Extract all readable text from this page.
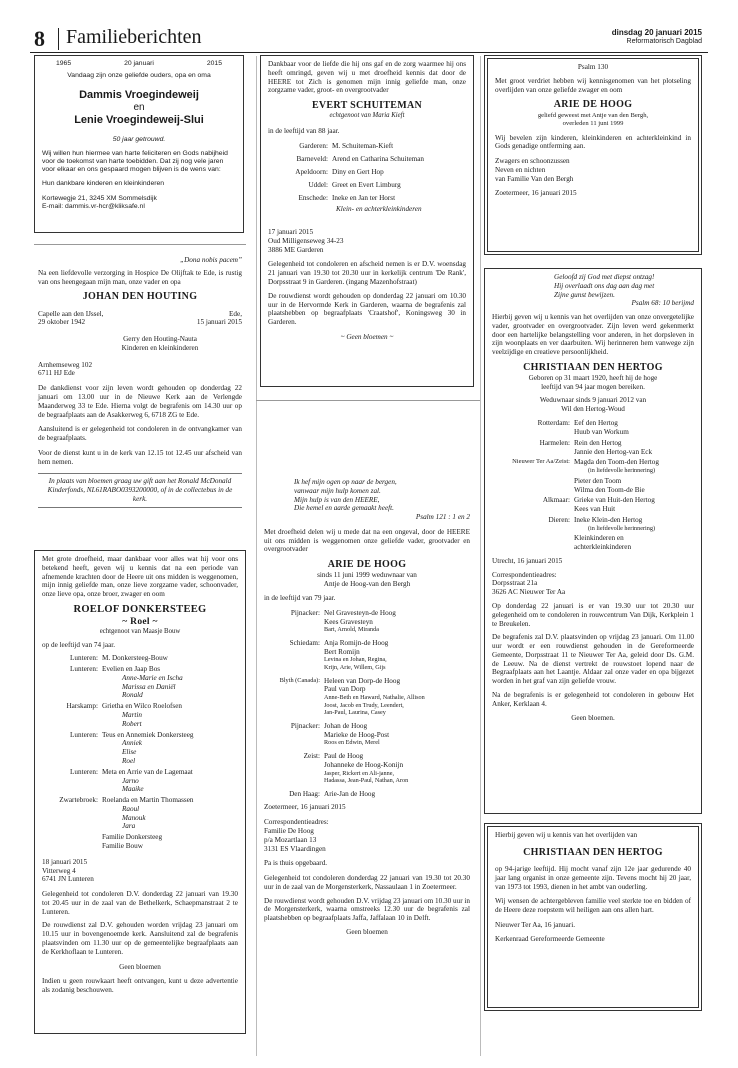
8 Familieberichten	dinsdag 20 januari 2015
Reformatorisch Dagblad
1965	20 januari	2015
Vandaag zijn onze geliefde ouders, opa en oma
Dammis Vroegindeweij
en
Lenie Vroegindeweij-Slui
50 jaar getrouwd.
Wij willen hun hiermee van harte feliciteren en Gods nabijheid voor de toekomst van harte toebidden. Dat zij nog vele jaren voor elkaar en ons gespaard mogen blijven is de wens van:
Hun dankbare kinderen en kleinkinderen
Kortewegje 21, 3245 XM Sommelsdijk
E-mail: dammis.vr-hcr@kliksafe.nl
„Dona nobis pacem”
Na een liefdevolle verzorging in Hospice De Olijftak te Ede, is rustig van ons heengegaan mijn man, onze vader en opa
JOHAN DEN HOUTING
Capelle aan den IJssel,
29 oktober 1942
Ede,
15 januari 2015
Gerry den Houting-Nauta
Kinderen en kleinkinderen
Arnhemseweg 102
6711 HJ Ede
De dankdienst voor zijn leven wordt gehouden op donderdag 22 januari om 13.00 uur in de Nieuwe Kerk aan de Verlengde Maanderweg 33 te Ede. Hierna volgt de begrafenis om 14.30 uur op de begraafplaats aan de Asakkerweg 6, 6718 ZG te Ede.
Aansluitend is er gelegenheid tot condoleren in de ontvangkamer van de begraafplaats.
Voor de dienst kunt u in de kerk van 12.15 tot 12.45 uur afscheid van hem nemen.
In plaats van bloemen graag uw gift aan het Ronald McDonald Kinderfonds, NL61RABO0393200000, of in de collectebus in de kerk.
Met grote droefheid, maar dankbaar voor alles wat hij voor ons betekend heeft, geven wij u kennis dat na een periode van afnemende krachten door de Heere uit ons midden is weggenomen, mijn innig geliefde man, onze lieve zorgzame vader, schoonvader, onze lieve opa, onze broer, zwager en oom
ROELOF DONKERSTEEG
~ Roel ~
echtgenoot van Maasje Bouw
op de leeftijd van 74 jaar.
Lunteren: M. Donkersteeg-Bouw
Lunteren: Evelien en Jaap Bos
Anne-Marie en Ischa
Marissa en Daniël
Ronald
Harskamp: Grietha en Wilco Roelofsen
Martin
Robert
Lunteren: Teus en Annemiek Donkersteeg
Anniek
Elise
Roel
Lunteren: Meta en Arrie van de Lagemaat
Jarno
Maaike
Zwartebroek: Roelanda en Martin Thomassen
Raoul
Manouk
Jara
Familie Donkersteeg
Familie Bouw
18 januari 2015
Vitterweg 4
6741 JN Lunteren
Gelegenheid tot condoleren D.V. donderdag 22 januari van 19.30 tot 20.45 uur in de zaal van de Bethelkerk, Schaepmanstraat 2 te Lunteren.
De rouwdienst zal D.V. gehouden worden vrijdag 23 januari om 10.15 uur in bovengenoemde kerk. Aansluitend zal de begrafenis plaatsvinden om 11.30 uur op de gemeentelijke begraafplaats aan de Kerkhoflaan te Lunteren.
Geen bloemen
Indien u geen rouwkaart heeft ontvangen, kunt u deze advertentie als zodanig beschouwen.
Dankbaar voor de liefde die hij ons gaf en de zorg waarmee hij ons heeft omringd, geven wij u met droefheid kennis dat door de HEERE tot Zich is genomen mijn innig geliefde man, onze zorgzame vader, groot- en overgrootvader
EVERT SCHUITEMAN
echtgenoot van Maria Kieft
in de leeftijd van 88 jaar.
Garderen: M. Schuiteman-Kieft
Barneveld: Arend en Catharina Schuiteman
Apeldoorn: Diny en Gert Hop
Uddel: Greet en Evert Limburg
Enschede: Ineke en Jan ter Horst
Klein- en achterkleinkinderen
17 januari 2015
Oud Milligenseweg 34-23
3886 ME Garderen
Gelegenheid tot condoleren en afscheid nemen is er D.V. woensdag 21 januari van 19.30 tot 20.30 uur in kerkelijk centrum 'De Rank', Dorpsstraat 9 in Garderen. (ingang Mazenhofstraat)
De rouwdienst wordt gehouden op donderdag 22 januari om 10.30 uur in de Hervormde Kerk in Garderen, waarna de begrafenis zal plaatshebben op begraafplaats 'Craatshof', Koningsweg 30 in Garderen.
~ Geen bloemen ~
Ik hef mijn ogen op naar de bergen,
vanwaar mijn hulp komen zal.
Mijn hulp is van den HEERE,
Die hemel en aarde gemaakt heeft.
Psalm 121 : 1 en 2
Met droefheid delen wij u mede dat na een ongeval, door de HEERE uit ons midden is weggenomen onze geliefde vader, grootvader en overgrootvader
ARIE DE HOOG
sinds 11 juni 1999 weduwnaar van
Antje de Hoog-van den Bergh
in de leeftijd van 79 jaar.
Pijnacker: Nel Gravesteyn-de Hoog
Kees Gravesteyn
Bart, Arnold, Miranda
Schiedam: Anja Romijn-de Hoog
Bert Romijn
Levina en Johan, Regina,
Krijn, Arie, Willem, Gijs
Blyth (Canada): Heleen van Dorp-de Hoog
Paul van Dorp
Anne-Beth en Haward, Nathalie, Allison
Joost, Jacob en Trudy, Leendert,
Jan-Paul, Laurina, Casey
Pijnacker: Johan de Hoog
Marieke de Hoog-Post
Roos en Edwin, Merel
Zeist: Paul de Hoog
Johanneke de Hoog-Konijn
Jasper, Rickert en Ali-janne,
Hadassa, Jean-Paul, Nathan, Aron
Den Haag: Arie-Jan de Hoog
Zoetermeer, 16 januari 2015
Correspondentieadres:
Familie De Hoog
p/a Mozartlaan 13
3131 ES Vlaardingen
Pa is thuis opgebaard.
Gelegenheid tot condoleren donderdag 22 januari van 19.30 tot 20.30 uur in de zaal van de Morgensterkerk, Nassaulaan 1 in Zoetermeer.
De rouwdienst wordt gehouden D.V. vrijdag 23 januari om 10.30 uur in de Morgensterkerk, waarna omstreeks 12.30 uur de begrafenis zal plaatshebben op begraafplaats Jaffa, Jaffalaan 10 in Delft.
Geen bloemen
Psalm 130
Met groot verdriet hebben wij kennisgenomen van het plotseling overlijden van onze geliefde zwager en oom
ARIE DE HOOG
geliefd geweest met Antje van den Bergh,
overleden 11 juni 1999
Wij bevelen zijn kinderen, kleinkinderen en achterkleinkind in Gods genadige ontferming aan.
Zwagers en schoonzussen
Neven en nichten
van Familie Van den Bergh
Zoetermeer, 16 januari 2015
Geloofd zij God met diepst ontzag!
Hij overlaadt ons dag aan dag met
Zijne gunst bewijzen.
Psalm 68: 10 berijmd
Hierbij geven wij u kennis van het overlijden van onze onvergetelijke vader, grootvader en overgrootvader. Zijn leven werd gekenmerkt door een hartelijke belangstelling voor anderen, in het dorpsleven in zijn woonplaats en ver daarbuiten. Wij herinneren hem vanwege zijn veelzijdige en creatieve persoonlijkheid.
CHRISTIAAN DEN HERTOG
Geboren op 31 maart 1920, heeft hij de hoge
leeftijd van 94 jaar mogen bereiken.
Weduwnaar sinds 9 januari 2012 van
Wil den Hertog-Woud
Rotterdam: Eef den Hertog
Huub van Workum
Harmelen: Rein den Hertog
Jannie den Hertog-van Eck
Nieuwer Ter Aa/Zeist: Magda den Toom-den Hertog
(in liefdevolle herinnering)
Pieter den Toom
Wilma den Toom-de Bie
Alkmaar: Grieke van Huit-den Hertog
Kees van Huit
Dieren: Ineke Klein-den Hertog
(in liefdevolle herinnering)
Kleinkinderen en
achterkleinkinderen
Utrecht, 16 januari 2015
Correspondentieadres:
Dorpsstraat 21a
3626 AC Nieuwer Ter Aa
Op donderdag 22 januari is er van 19.30 uur tot 20.30 uur gelegenheid om te condoleren in rouwcentrum Van Dijk, Kerkplein 1 te Breukelen.
De begrafenis zal D.V. plaatsvinden op vrijdag 23 januari. Om 11.00 uur wordt er een rouwdienst gehouden in de Gereformeerde Gemeente, Dorpsstraat 11 te Nieuwer Ter Aa, geleid door Ds. G.M. de Leeuw. Na de dienst vertrekt de rouwstoet lopend naar de Begraafplaats aan het Laantje. Aldaar zal onze vader en opa bijgezet worden in het graf van zijn geliefde vrouw.
Na de begrafenis is er gelegenheid tot condoleren in gebouw Het Anker, Kerklaan 4.
Geen bloemen.
Hierbij geven wij u kennis van het overlijden van
CHRISTIAAN DEN HERTOG
op 94-jarige leeftijd. Hij mocht vanaf zijn 12e jaar gedurende 40 jaar lang organist in onze gemeente zijn. Tevens mocht hij 20 jaar, van 1973 tot 1993, dienen in het ambt van ouderling.
Wij wensen de achtergebleven familie veel sterkte toe en bidden of de Heere deze roepstem wil heiligen aan ons allen hart.
Nieuwer Ter Aa, 16 januari.
Kerkenraad Gereformeerde Gemeente
